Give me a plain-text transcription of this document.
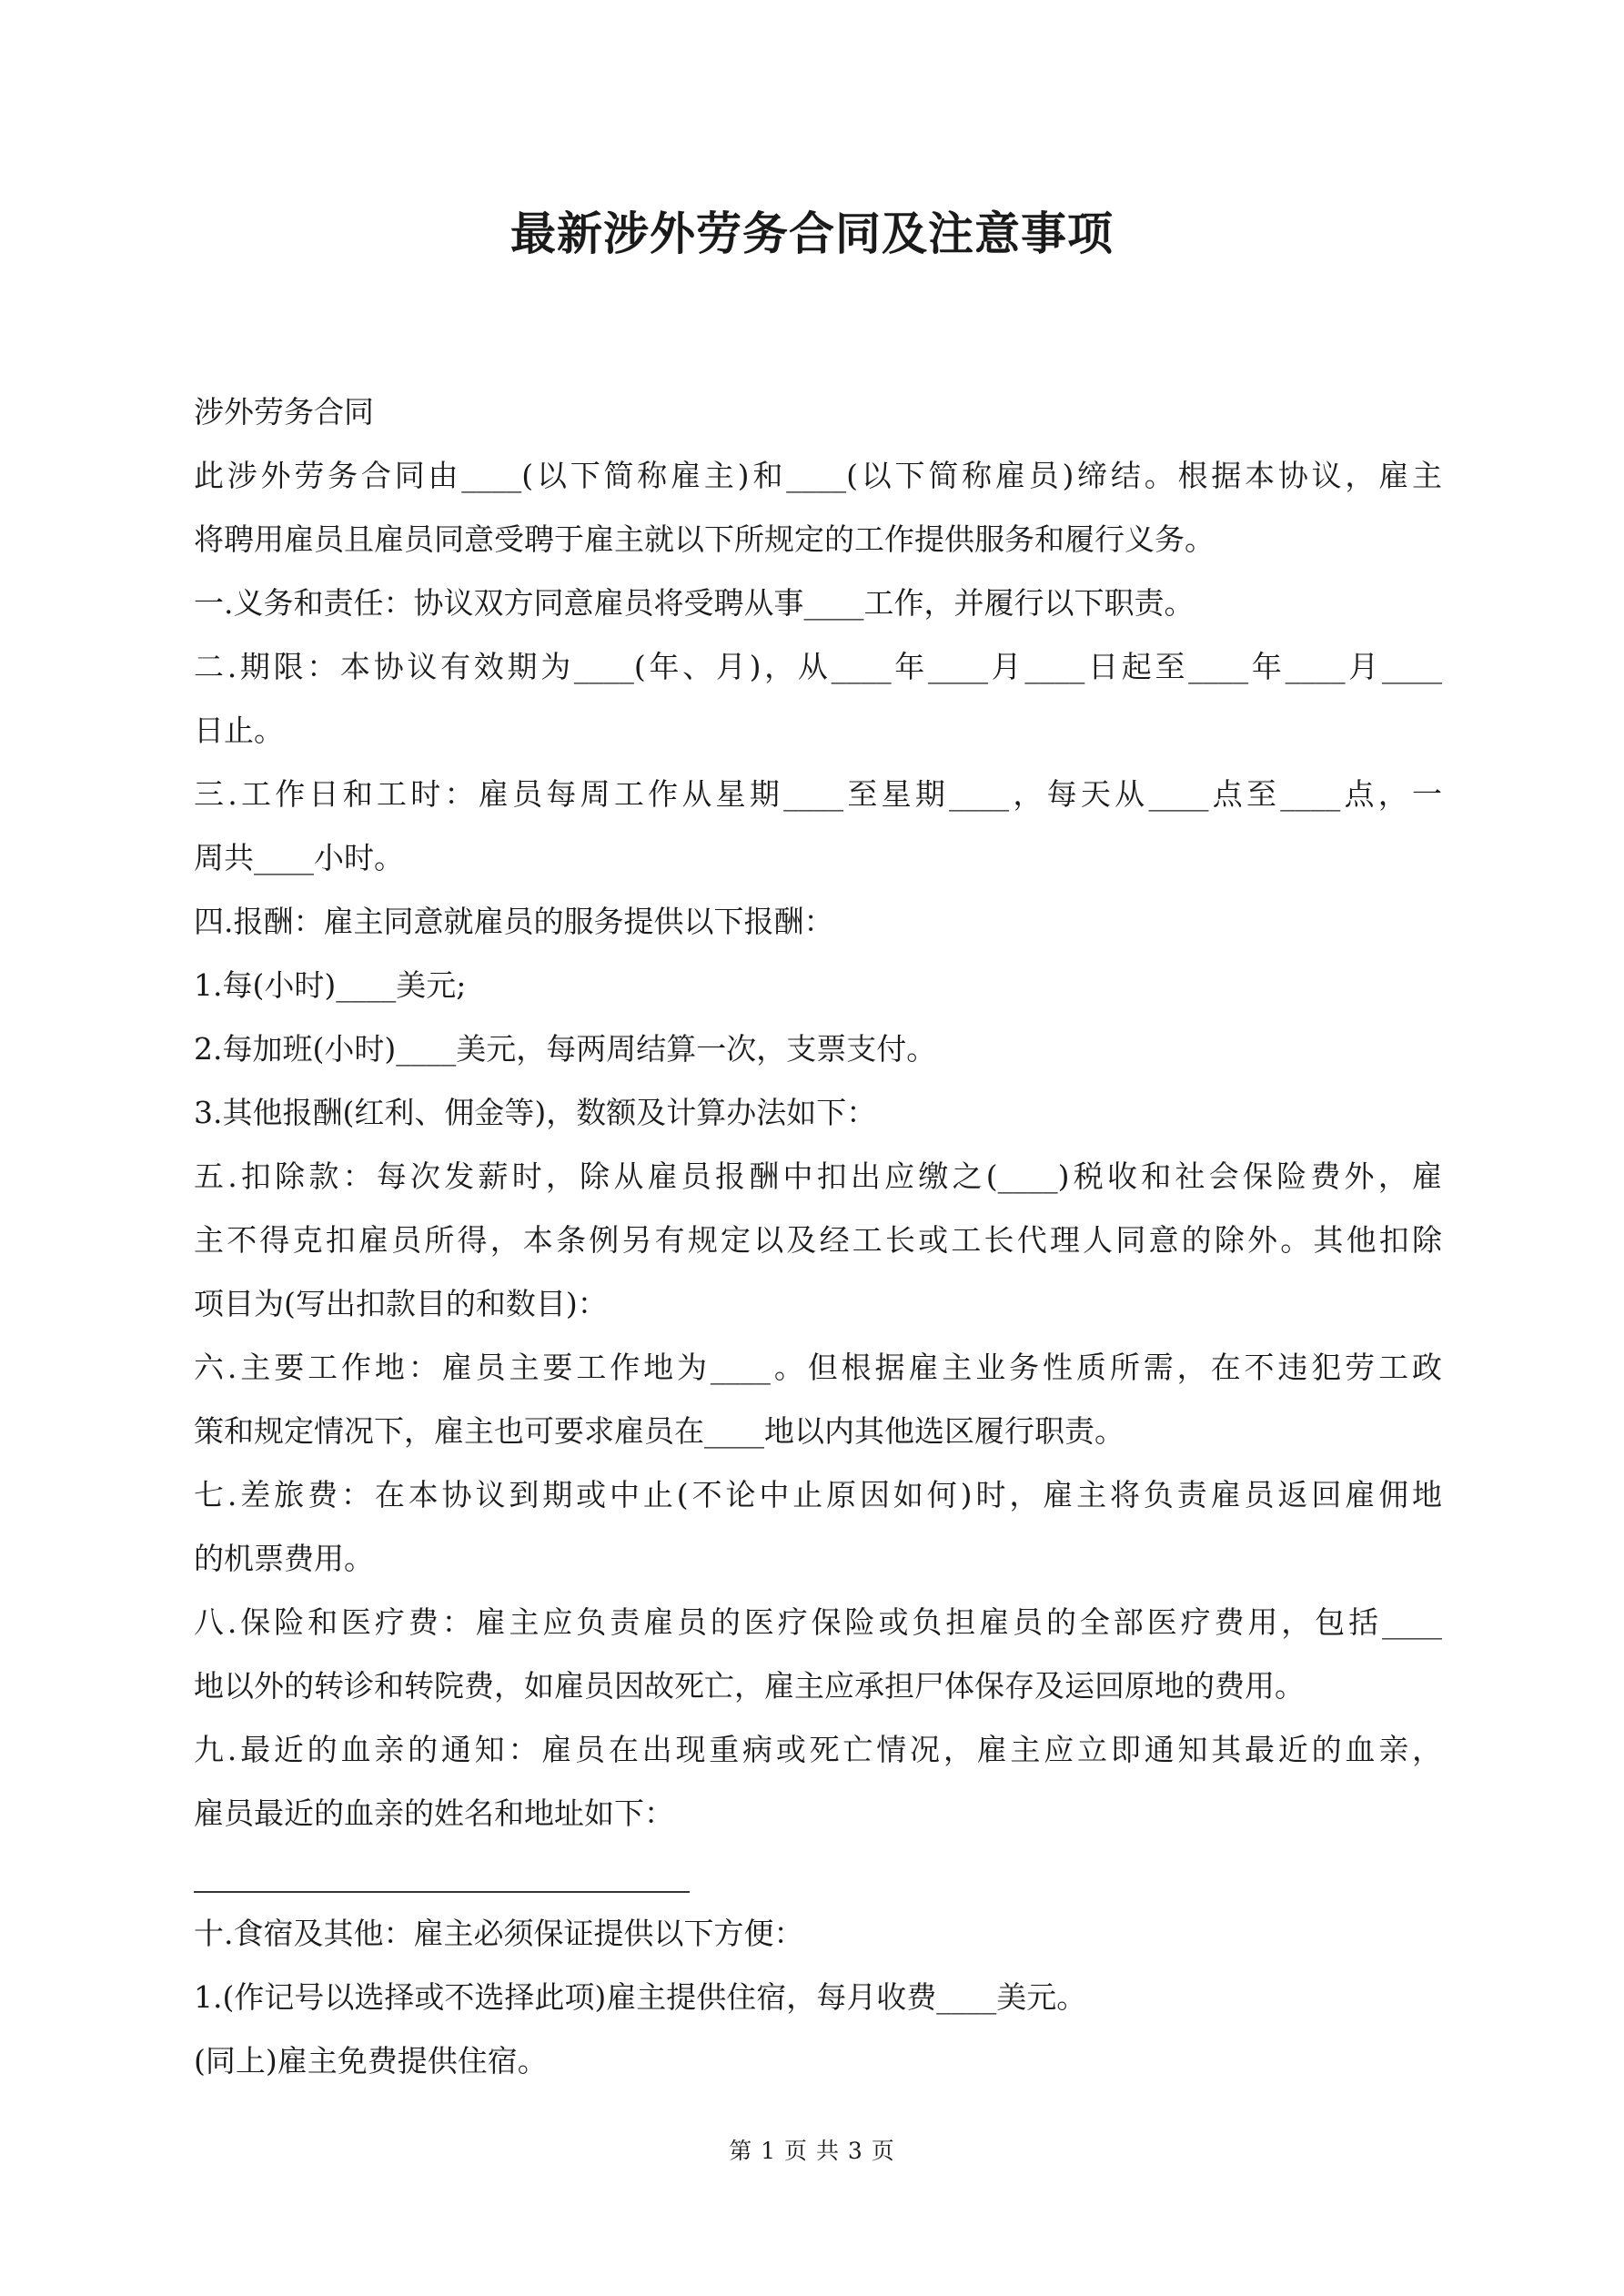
最新涉外劳务合同及注意事项

涉外劳务合同

此涉外劳务合同由____(以下简称雇主)和____(以下简称雇员)缔结。根据本协议，雇主

将聘用雇员且雇员同意受聘于雇主就以下所规定的工作提供服务和履行义务。

一.义务和责任：协议双方同意雇员将受聘从事____工作，并履行以下职责。

二.期限：本协议有效期为____(年、月)，从____年____月____日起至____年____月____

日止。

三.工作日和工时：雇员每周工作从星期____至星期____，每天从____点至____点，一

周共____小时。

四.报酬：雇主同意就雇员的服务提供以下报酬：

1.每(小时)____美元;

2.每加班(小时)____美元，每两周结算一次，支票支付。

3.其他报酬(红利、佣金等)，数额及计算办法如下：

五.扣除款：每次发薪时，除从雇员报酬中扣出应缴之(____)税收和社会保险费外，雇

主不得克扣雇员所得，本条例另有规定以及经工长或工长代理人同意的除外。其他扣除

项目为(写出扣款目的和数目)：

六.主要工作地：雇员主要工作地为____。但根据雇主业务性质所需，在不违犯劳工政

策和规定情况下，雇主也可要求雇员在____地以内其他选区履行职责。

七.差旅费：在本协议到期或中止(不论中止原因如何)时，雇主将负责雇员返回雇佣地

的机票费用。

八.保险和医疗费：雇主应负责雇员的医疗保险或负担雇员的全部医疗费用，包括____

地以外的转诊和转院费，如雇员因故死亡，雇主应承担尸体保存及运回原地的费用。

九.最近的血亲的通知：雇员在出现重病或死亡情况，雇主应立即通知其最近的血亲，

雇员最近的血亲的姓名和地址如下：

十.食宿及其他：雇主必须保证提供以下方便：

1.(作记号以选择或不选择此项)雇主提供住宿，每月收费____美元。

(同上)雇主免费提供住宿。

第 1 页 共 3 页
